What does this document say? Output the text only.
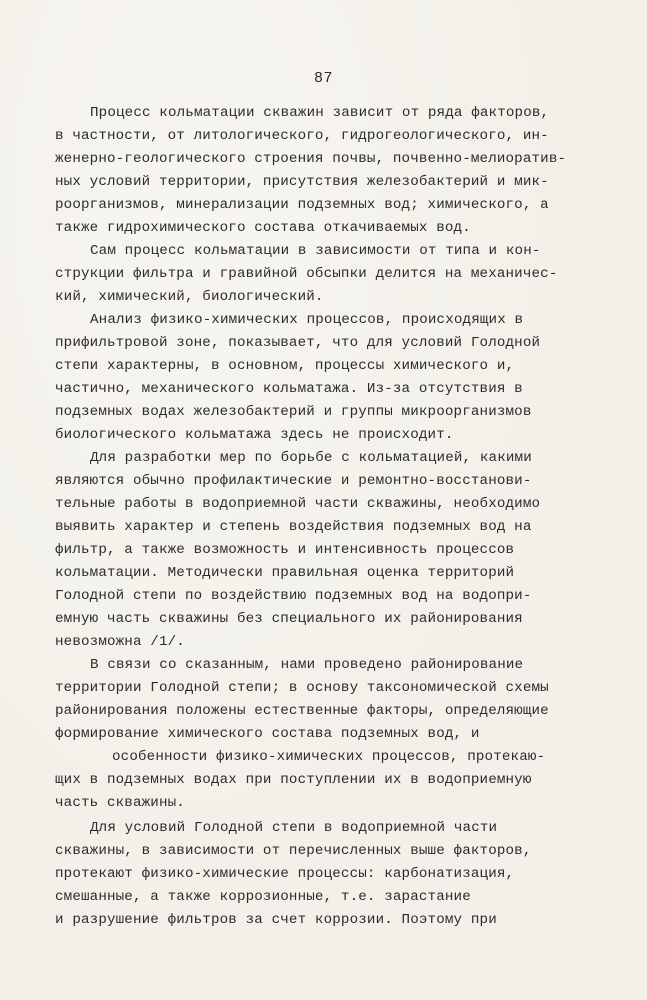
87
Процесс кольматации скважин зависит от ряда факторов,
в частности, от литологического, гидрогеологического, ин-
женерно-геологического строения почвы, почвенно-мелиоратив-
ных условий территории, присутствия железобактерий и мик-
роорганизмов, минерализации подземных вод; химического, а
также гидрохимического состава откачиваемых вод.
Сам процесс кольматации в зависимости от типа и кон-
струкции фильтра и гравийной обсыпки делится на механичес-
кий, химический, биологический.
Анализ физико-химических процессов, происходящих в
прифильтровой зоне, показывает, что для условий Голодной
степи характерны, в основном, процессы химического и,
частично, механического кольматажа. Из-за отсутствия в
подземных водах железобактерий и группы микроорганизмов
биологического кольматажа здесь не происходит.
Для разработки мер по борьбе с кольматацией, какими
являются обычно профилактические и ремонтно-восстанови-
тельные работы в водоприемной части скважины, необходимо
выявить характер и степень воздействия подземных вод на
фильтр, а также возможность и интенсивность процессов
кольматации. Методически правильная оценка территорий
Голодной степи по воздействию подземных вод на водопри-
емную часть скважины без специального их районирования
невозможна /1/.
В связи со сказанным, нами проведено районирование
территории Голодной степи; в основу таксономической схемы
районирования положены естественные факторы, определяющие
формирование химического состава подземных вод, и
особенности физико-химических процессов, протекаю-
щих в подземных водах при поступлении их в водоприемную
часть скважины.
Для условий Голодной степи в водоприемной части
скважины, в зависимости от перечисленных выше факторов,
протекают физико-химические процессы: карбонатизация,
смешанные, а также коррозионные, т.е. зарастание
и разрушение фильтров за счет коррозии. Поэтому при
